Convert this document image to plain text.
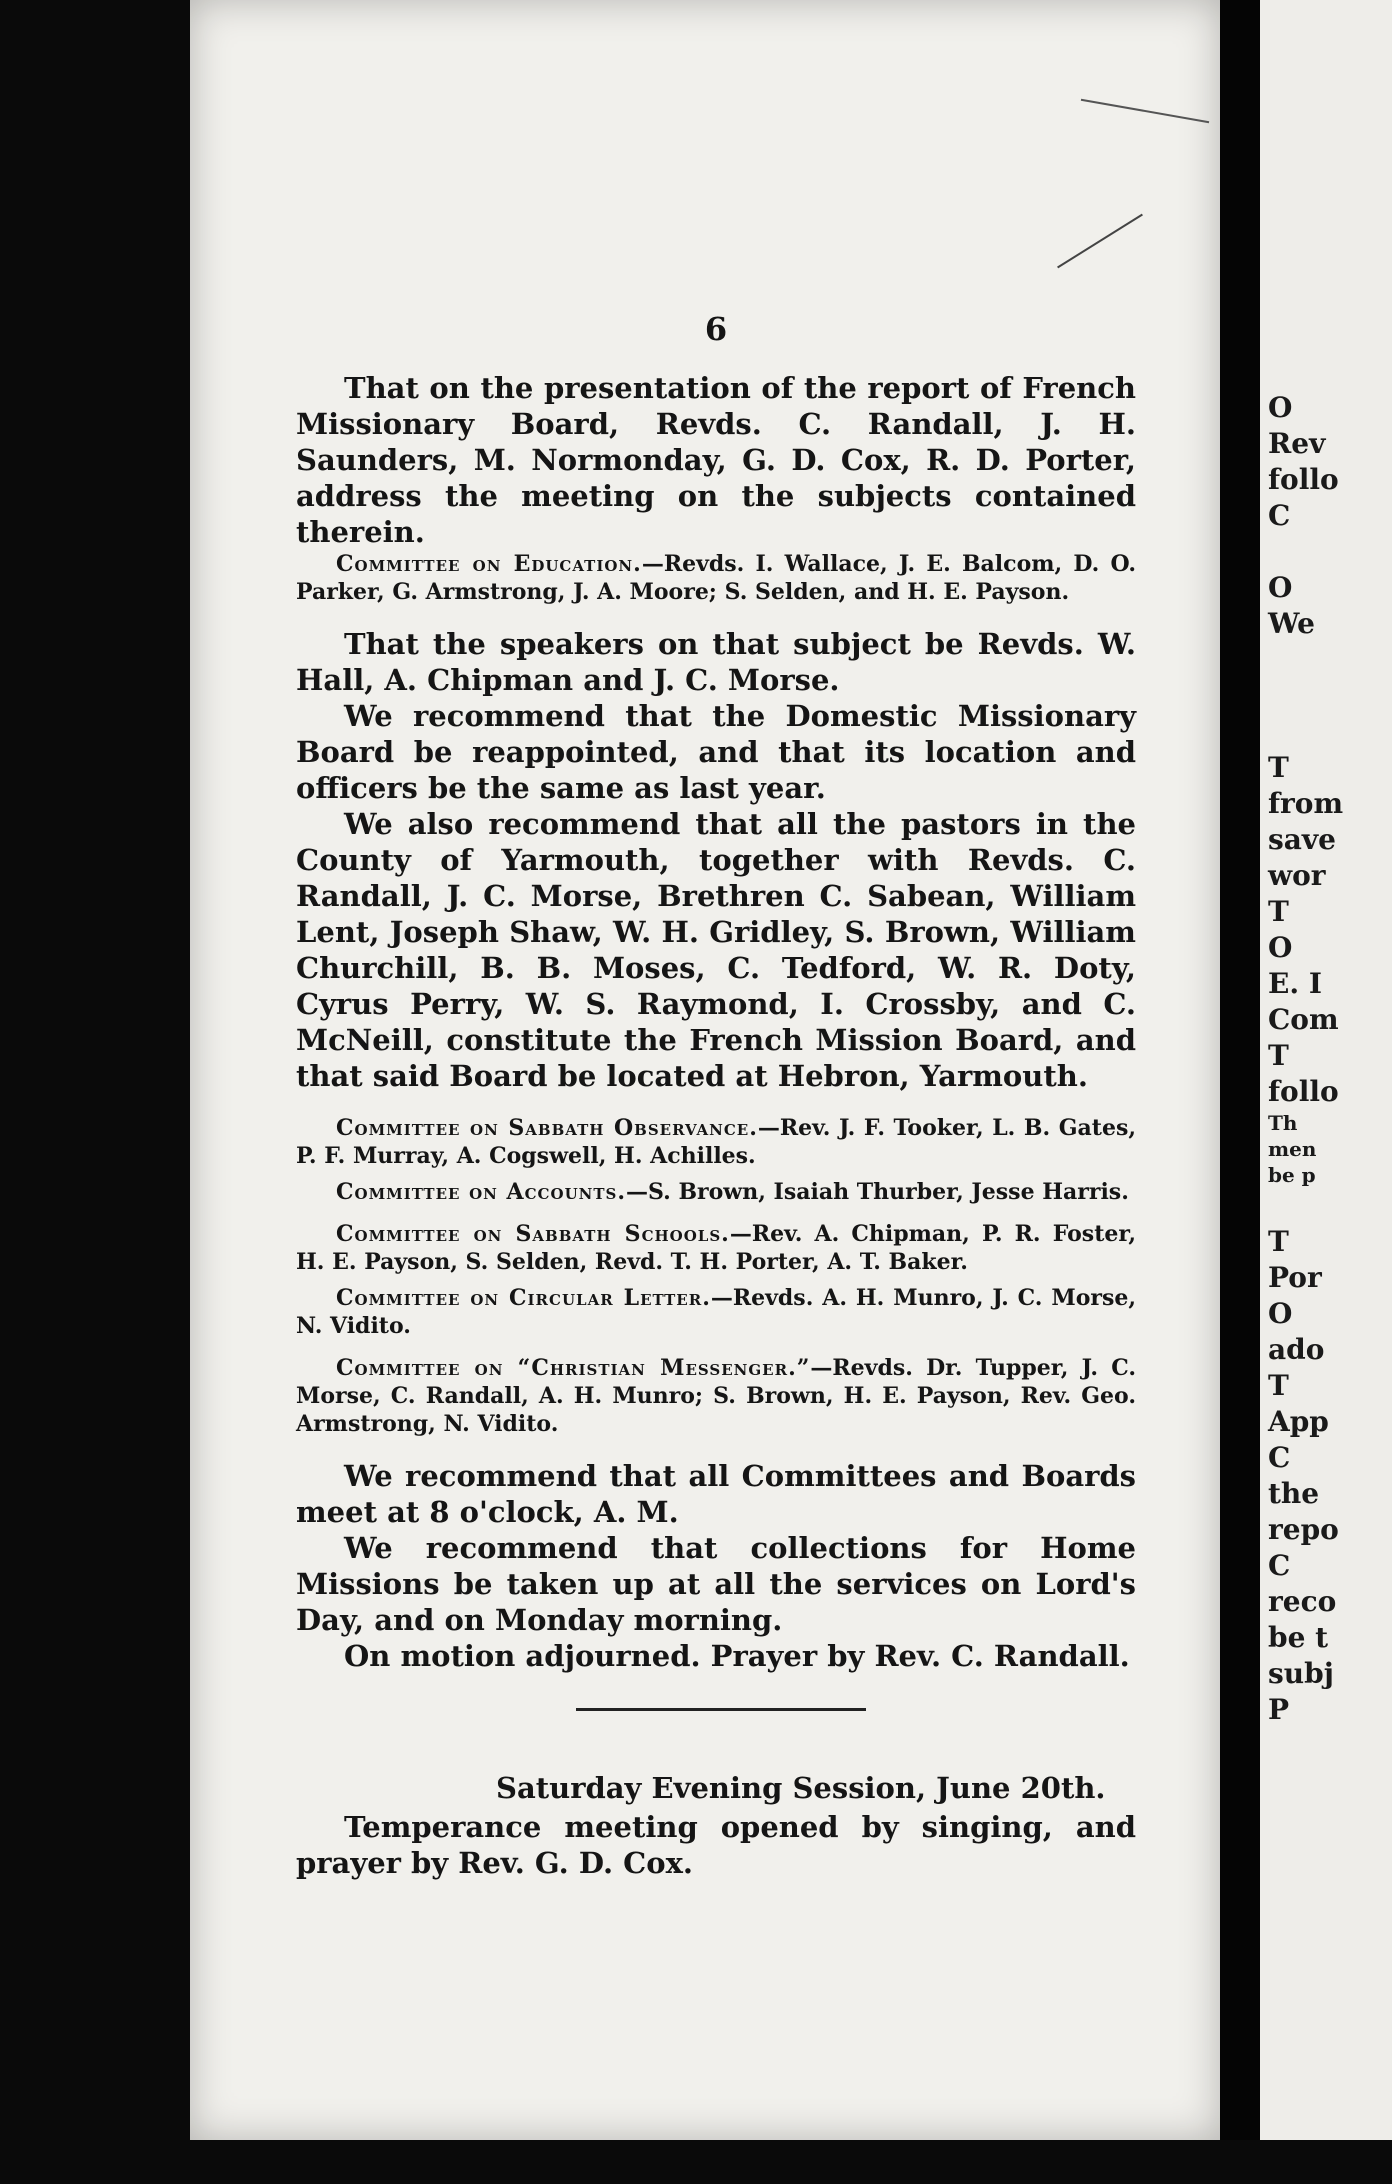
O
Rev
follo
C

O
We

T
from
save
wor
T
O
E. I
Com
T
follo
Th
men
be p

T
Por
O
ado
T
App
C
the
repo
C
reco
be t
subj
P
6

That on the presentation of the report of French Missionary Board, Revds. C. Randall, J. H. Saunders, M. Normonday, G. D. Cox, R. D. Porter, address the meeting on the subjects contained therein.

Committee on Education.—Revds. I. Wallace, J. E. Balcom, D. O. Parker, G. Armstrong, J. A. Moore; S. Selden, and H. E. Payson.

That the speakers on that subject be Revds. W. Hall, A. Chipman and J. C. Morse.

We recommend that the Domestic Missionary Board be reappointed, and that its location and officers be the same as last year.

We also recommend that all the pastors in the County of Yarmouth, together with Revds. C. Randall, J. C. Morse, Brethren C. Sabean, William Lent, Joseph Shaw, W. H. Gridley, S. Brown, William Churchill, B. B. Moses, C. Tedford, W. R. Doty, Cyrus Perry, W. S. Raymond, I. Crossby, and C. McNeill, constitute the French Mission Board, and that said Board be located at Hebron, Yarmouth.

Committee on Sabbath Observance.—Rev. J. F. Tooker, L. B. Gates, P. F. Murray, A. Cogswell, H. Achilles.

Committee on Accounts.—S. Brown, Isaiah Thurber, Jesse Harris.

Committee on Sabbath Schools.—Rev. A. Chipman, P. R. Foster, H. E. Payson, S. Selden, Revd. T. H. Porter, A. T. Baker.

Committee on Circular Letter.—Revds. A. H. Munro, J. C. Morse, N. Vidito.

Committee on “Christian Messenger.”—Revds. Dr. Tupper, J. C. Morse, C. Randall, A. H. Munro; S. Brown, H. E. Payson, Rev. Geo. Armstrong, N. Vidito.

We recommend that all Committees and Boards meet at 8 o'clock, A. M.

We recommend that collections for Home Missions be taken up at all the services on Lord's Day, and on Monday morning.

On motion adjourned. Prayer by Rev. C. Randall.

Saturday Evening Session, June 20th.

Temperance meeting opened by singing, and prayer by Rev. G. D. Cox.
